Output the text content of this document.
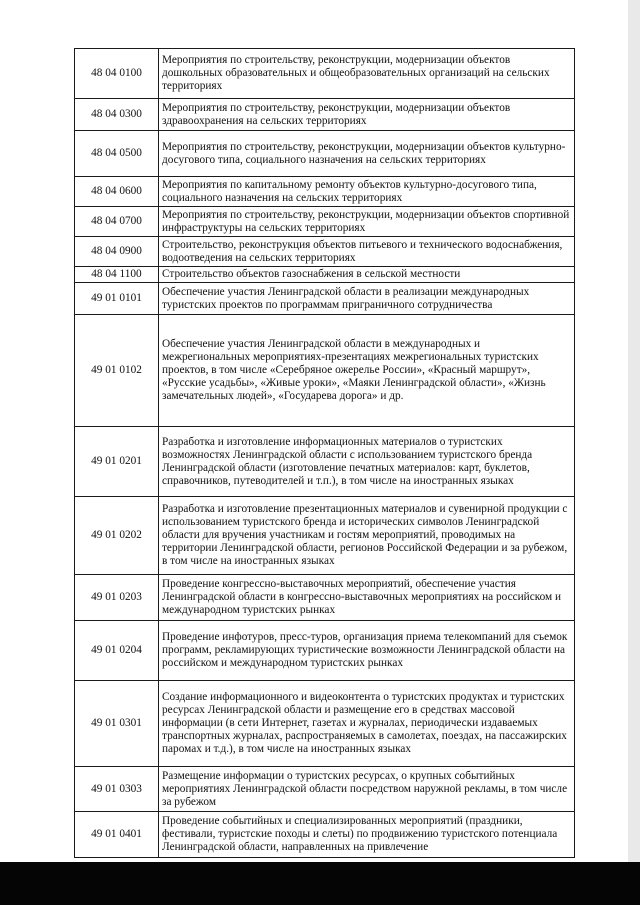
48 04 0100	Мероприятия по строительству, реконструкции, модернизации объектов дошкольных образовательных и общеобразовательных организаций на сельских территориях
48 04 0300	Мероприятия по строительству, реконструкции, модернизации объектов здравоохранения на сельских территориях
48 04 0500	Мероприятия по строительству, реконструкции, модернизации объектов культурно-досугового типа, социального назначения на сельских территориях
48 04 0600	Мероприятия по капитальному ремонту объектов культурно-досугового типа, социального назначения на сельских территориях
48 04 0700	Мероприятия по строительству, реконструкции, модернизации объектов спортивной инфраструктуры на сельских территориях
48 04 0900	Строительство, реконструкция объектов питьевого и технического водоснабжения, водоотведения на сельских территориях
48 04 1100	Строительство объектов газоснабжения в сельской местности
49 01 0101	Обеспечение участия Ленинградской области в реализации международных туристских проектов по программам приграничного сотрудничества
49 01 0102	Обеспечение участия Ленинградской области в международных и межрегиональных мероприятиях-презентациях межрегиональных туристских проектов, в том числе «Серебряное ожерелье России», «Красный маршрут», «Русские усадьбы», «Живые уроки», «Маяки Ленинградской области», «Жизнь замечательных людей», «Государева дорога» и др.
49 01 0201	Разработка и изготовление информационных материалов о туристских возможностях Ленинградской области с использованием туристского бренда Ленинградской области (изготовление печатных материалов: карт, буклетов, справочников, путеводителей и т.п.), в том числе на иностранных языках
49 01 0202	Разработка и изготовление презентационных материалов и сувенирной продукции с использованием туристского бренда и исторических символов Ленинградской области для вручения участникам и гостям мероприятий, проводимых на территории Ленинградской области, регионов Российской Федерации и за рубежом, в том числе на иностранных языках
49 01 0203	Проведение конгрессно-выставочных мероприятий, обеспечение участия Ленинградской области в конгрессно-выставочных мероприятиях на российском и международном туристских рынках
49 01 0204	Проведение инфотуров, пресс-туров, организация приема телекомпаний для съемок программ, рекламирующих туристические возможности Ленинградской области на российском и международном туристских рынках
49 01 0301	Создание информационного и видеоконтента о туристских продуктах и туристских ресурсах Ленинградской области и размещение его в средствах массовой информации (в сети Интернет, газетах и журналах, периодически издаваемых транспортных журналах, распространяемых в самолетах, поездах, на пассажирских паромах и т.д.), в том числе на иностранных языках
49 01 0303	Размещение информации о туристских ресурсах, о крупных событийных мероприятиях Ленинградской области посредством наружной рекламы, в том числе за рубежом
49 01 0401	Проведение событийных и специализированных мероприятий (праздники, фестивали, туристские походы и слеты) по продвижению туристского потенциала Ленинградской области, направленных на привлечение
